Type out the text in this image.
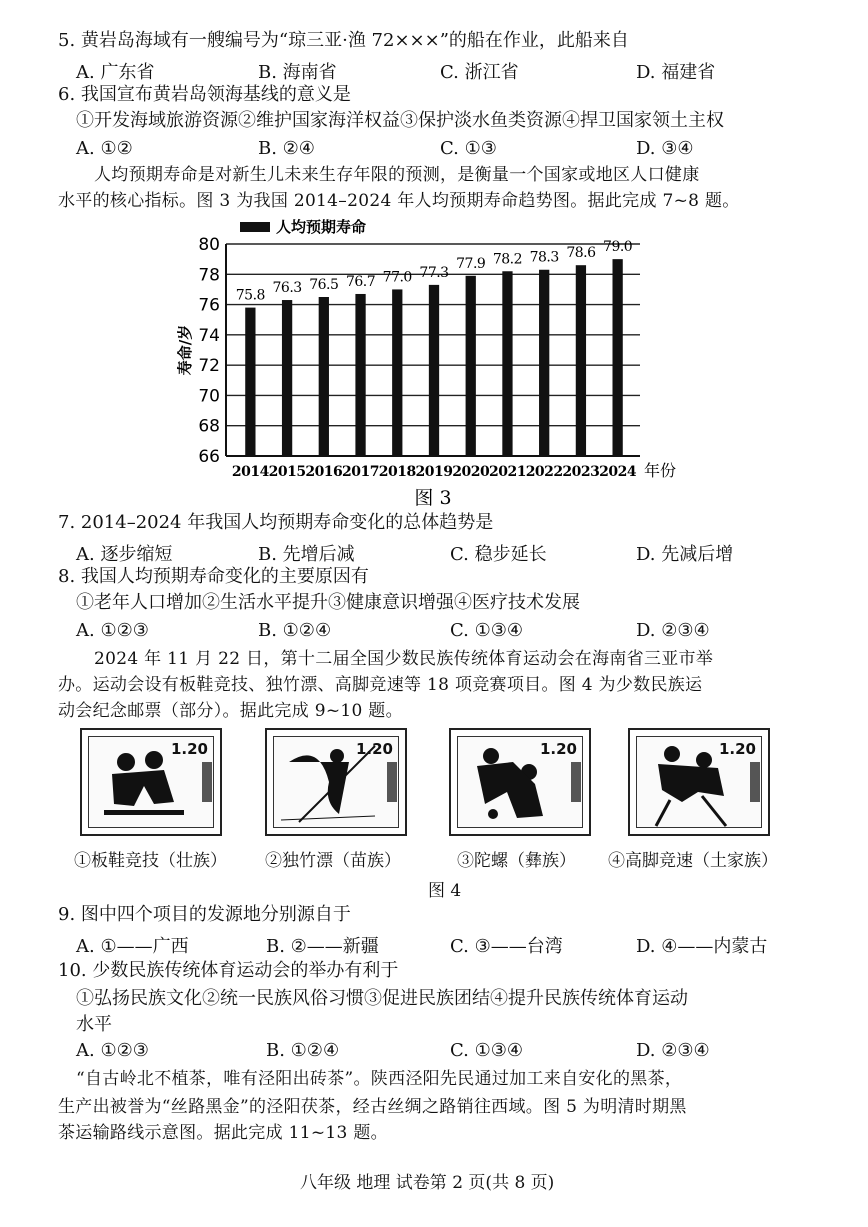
5. 黄岩岛海域有一艘编号为“琼三亚·渔 72×××”的船在作业，此船来自
A. 广东省	B. 海南省	C. 浙江省	D. 福建省
6. 我国宣布黄岩岛领海基线的意义是
①开发海域旅游资源②维护国家海洋权益③保护淡水鱼类资源④捍卫国家领土主权
A. ①②	B. ②④	C. ①③	D. ③④
人均预期寿命是对新生儿未来生存年限的预测，是衡量一个国家或地区人口健康
水平的核心指标。图 3 为我国 2014–2024 年人均预期寿命趋势图。据此完成 7~8 题。
66
68
70
72
74
76
78
80
75.8
2014
76.3
2015
76.5
2016
76.7
2017
77.0
2018
77.3
2019
77.9
2020
78.2
2021
78.3
2022
78.6
2023
79.0
2024
人均预期寿命
寿命/岁
年份
图 3
7. 2014–2024 年我国人均预期寿命变化的总体趋势是
A. 逐步缩短	B. 先增后减	C. 稳步延长	D. 先减后增
8. 我国人均预期寿命变化的主要原因有
①老年人口增加②生活水平提升③健康意识增强④医疗技术发展
A. ①②③	B. ①②④	C. ①③④	D. ②③④
2024 年 11 月 22 日，第十二届全国少数民族传统体育运动会在海南省三亚市举
办。运动会设有板鞋竞技、独竹漂、高脚竞速等 18 项竞赛项目。图 4 为少数民族运
动会纪念邮票（部分）。据此完成 9~10 题。
1.20	1.20	1.20	1.20
①板鞋竞技（壮族） ②独竹漂（苗族）	③陀螺（彝族） ④高脚竞速（土家族）
图 4
9. 图中四个项目的发源地分别源自于
A. ①——广西	B. ②——新疆	C. ③——台湾	D. ④——内蒙古
10. 少数民族传统体育运动会的举办有利于
①弘扬民族文化②统一民族风俗习惯③促进民族团结④提升民族传统体育运动
水平
A. ①②③	B. ①②④	C. ①③④	D. ②③④
“自古岭北不植茶，唯有泾阳出砖茶”。陕西泾阳先民通过加工来自安化的黑茶，
生产出被誉为“丝路黑金”的泾阳茯茶，经古丝绸之路销往西域。图 5 为明清时期黑
茶运输路线示意图。据此完成 11~13 题。
八年级 地理 试卷第 2 页(共 8 页)
